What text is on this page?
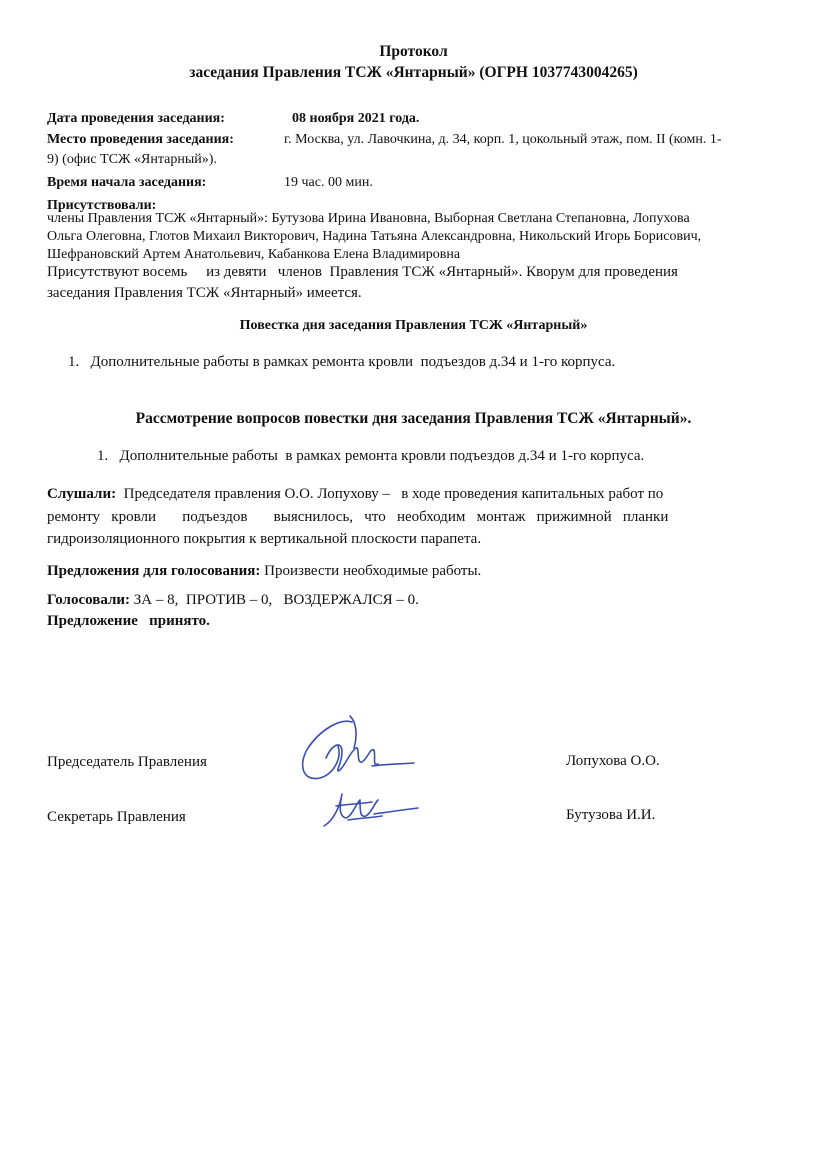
Протокол
заседания Правления ТСЖ «Янтарный» (ОГРН 1037743004265)
Дата проведения заседания:	08 ноября 2021 года.
Место проведения заседания:	г. Москва, ул. Лавочкина, д. 34, корп. 1, цокольный этаж, пом. II (комн. 1-
9) (офис ТСЖ «Янтарный»).
Время начала заседания:	19 час. 00 мин.
Присутствовали:
члены Правления ТСЖ «Янтарный»: Бутузова Ирина Ивановна, Выборная Светлана Степановна, Лопухова
Ольга Олеговна, Глотов Михаил Викторович, Надина Татьяна Александровна, Никольский Игорь Борисович,
Шефрановский Артем Анатольевич, Кабанкова Елена Владимировна
Присутствуют восемь     из девяти   членов  Правления ТСЖ «Янтарный». Кворум для проведения
заседания Правления ТСЖ «Янтарный» имеется.
Повестка дня заседания Правления ТСЖ «Янтарный»
1.   Дополнительные работы в рамках ремонта кровли  подъездов д.34 и 1-го корпуса.
Рассмотрение вопросов повестки дня заседания Правления ТСЖ «Янтарный».
1.   Дополнительные работы  в рамках ремонта кровли подъездов д.34 и 1-го корпуса.
Слушали:  Председателя правления О.О. Лопухову –   в ходе проведения капитальных работ по
ремонту   кровли       подъездов       выяснилось,   что   необходим   монтаж   прижимной   планки
гидроизоляционного покрытия к вертикальной плоскости парапета.
Предложения для голосования: Произвести необходимые работы.
Голосовали: ЗА – 8,  ПРОТИВ – 0,   ВОЗДЕРЖАЛСЯ – 0.
Предложение   принято.
Председатель Правления	Лопухова О.О.
Секретарь Правления	Бутузова И.И.
